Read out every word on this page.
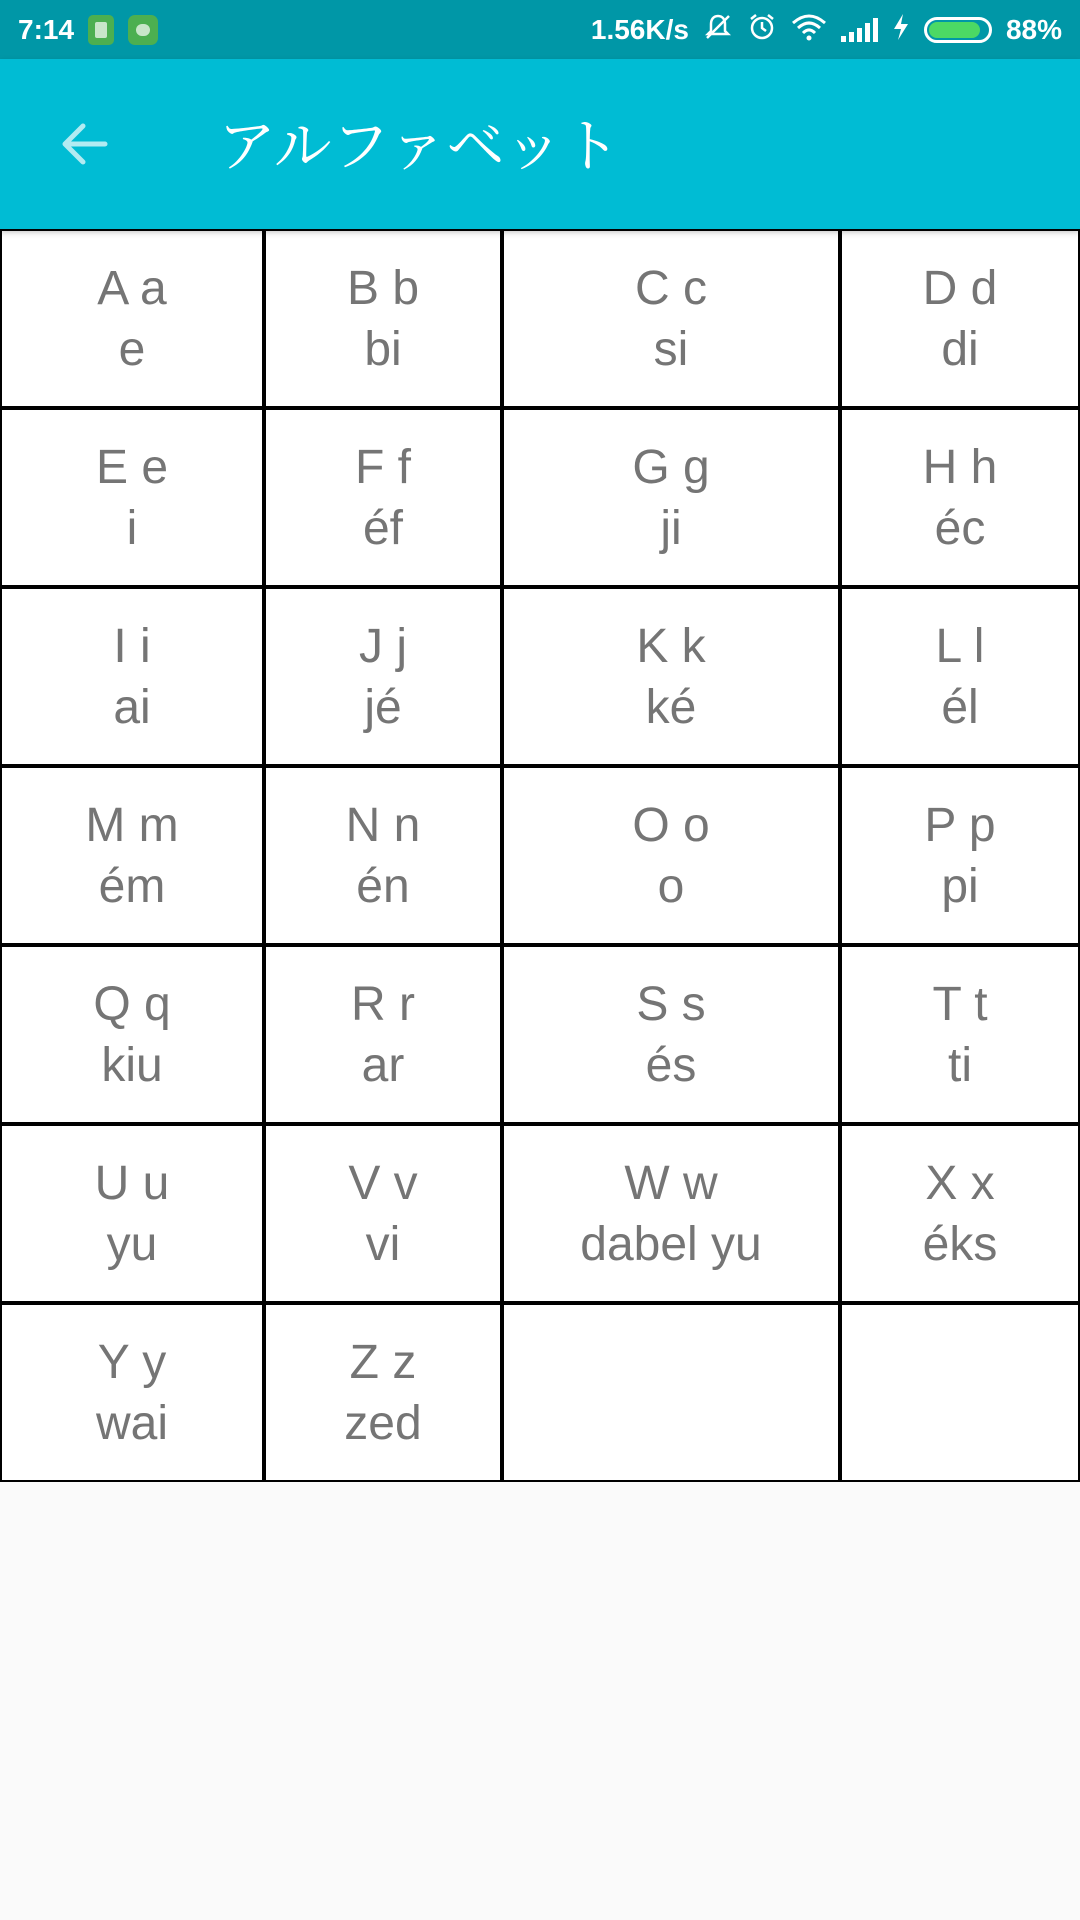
7:14	1.56K/s	88%
アルファベット
A a
e
B b
bi
C c
si
D d
di
E e
i
F f
éf
G g
ji
H h
éc
I i
ai
J j
jé
K k
ké
L l
él
M m
ém
N n
én
O o
o
P p
pi
Q q
kiu
R r
ar
S s
és
T t
ti
U u
yu
V v
vi
W w
dabel yu
X x
éks
Y y
wai
Z z
zed
